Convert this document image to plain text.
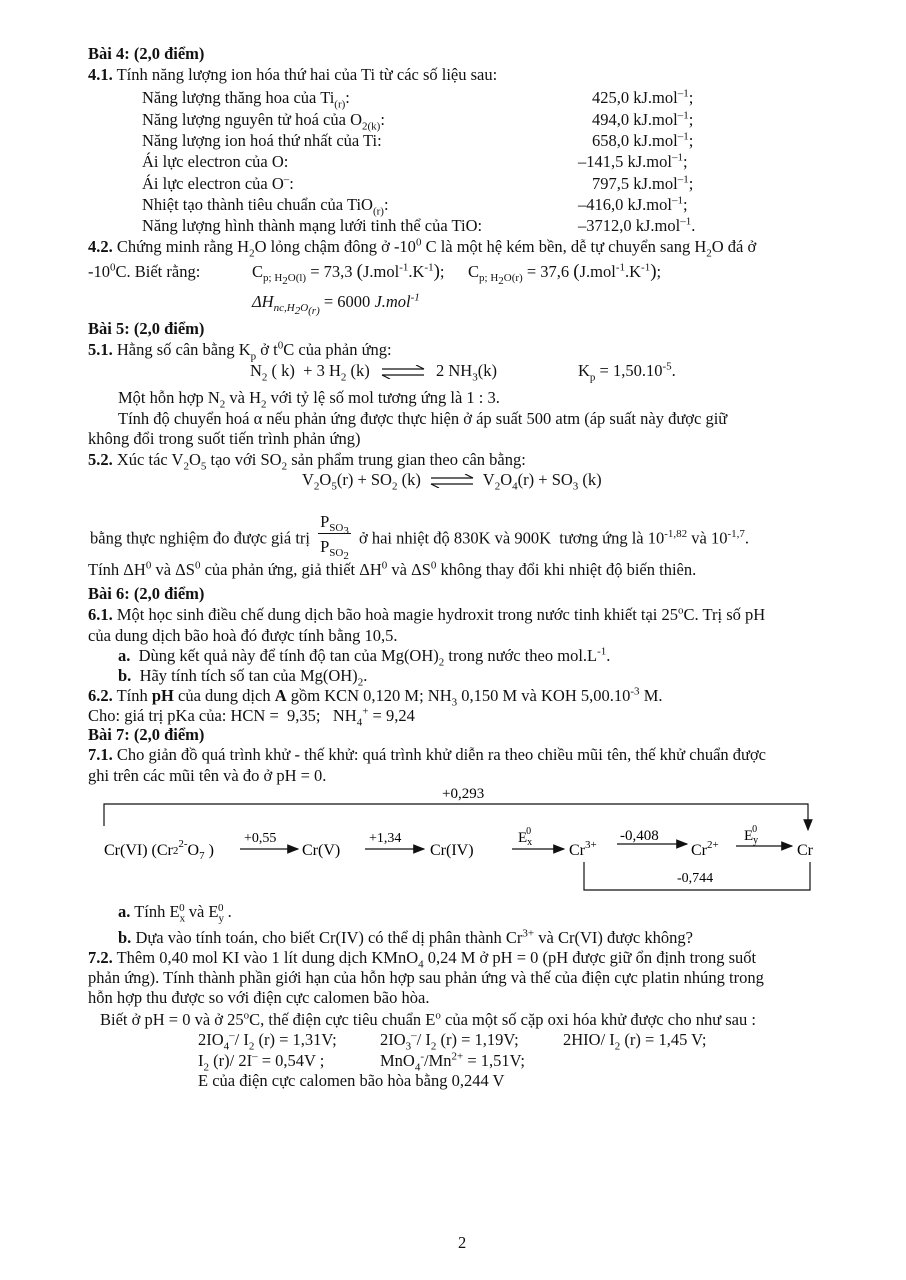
Bài 4: (2,0 điểm)
4.1. Tính năng lượng ion hóa thứ hai của Ti từ các số liệu sau:
Năng lượng thăng hoa của $Ti_{(r)}$:	425,0 kJ.mol$^{-1}$;
Năng lượng nguyên tử hoá của $O_{2(k)}$:	494,0 kJ.mol$^{-1}$;
Năng lượng ion hoá thứ nhất của Ti:	658,0 kJ.mol$^{-1}$;
Ái lực electron của O:	–141,5 kJ.mol$^{-1}$;
Ái lực electron của O–:	797,5 kJ.mol$^{-1}$;
Nhiệt tạo thành tiêu chuẩn của TiO$_{(r)}$:	–416,0 kJ.mol$^{-1}$;
Năng lượng hình thành mạng lưới tinh thể của TiO:	–3712,0 kJ.mol$^{-1}$.
4.2. Chứng minh rằng $H_2O$ lỏng chậm đông ở $-10^0$ C là một hệ kém bền, dễ tự chuyển sang $H_2O$ đá ở
$-10^0C$. Biết rằng:	$C_{p; H_2O(l)} = 73,3$ $(J.mol^{-1}.K^{-1})$; $C_{p; H_2O(r)} = 37,6$ $(J.mol^{-1}.K^{-1})$;
$\Delta H_{nc,H_2O_{(r)}} = 6000$ J.mol$^{-1}$
Bài 5: (2,0 điểm)
5.1. Hằng số cân bằng $K_p$ ở $t^0C$ của phản ứng:
$N_2$ ( k)  + 3 $H_2$ (k) ⇌ 2 $NH_3(k)$	$K_p = 1,50.10^{-5}$.
Một hỗn hợp $N_2$ và $H_2$ với tỷ lệ số mol tương ứng là 1 : 3.
Tính độ chuyển hoá α nếu phản ứng được thực hiện ở áp suất 500 atm (áp suất này được giữ
không đổi trong suốt tiến trình phản ứng)
5.2. Xúc tác $V_2O_5$ tạo với $SO_2$ sản phẩm trung gian theo cân bằng:
$V_2O_5(r) + SO_2$ (k) ⇌ $V_2O_4(r) + SO_3$ (k)
bằng thực nghiệm đo được giá trị $\frac{P_{SO_3}}{P_{SO_2}}$ ở hai nhiệt độ 830K và 900K  tương ứng là $10^{-1,82}$ và $10^{-1,7}$.
Tính $\Delta H^0$ và $\Delta S^0$ của phản ứng, giả thiết $\Delta H^0$ và $\Delta S^0$ không thay đổi khi nhiệt độ biến thiên.
Bài 6: (2,0 điểm)
6.1. Một học sinh điều chế dung dịch bão hoà magie hydroxit trong nước tinh khiết tại 25$^o$C. Trị số pH
của dung dịch bão hoà đó được tính bằng 10,5.
a.  Dùng kết quả này để tính độ tan của $Mg(OH)_2$ trong nước theo $mol.L^{-1}$.
b.  Hãy tính tích số tan của $Mg(OH)_2$.
6.2. Tính pH của dung dịch A gồm KCN 0,120 M; $NH_3$ 0,150 M và KOH $5,00.10^{-3}$ M.
Cho: giá trị pKa của: HCN =  9,35;   $NH_4^+ = 9,24$
Bài 7: (2,0 điểm)
7.1. Cho giản đồ quá trình khử - thế khử: quá trình khử diễn ra theo chiều mũi tên, thế khử chuẩn được
ghi trên các mũi tên và đo ở pH = 0.
+0,293
Cr(VI) ($Cr2^{2-}O_7$ )	Cr(V)	Cr(IV)	$Cr^{3+}$	$Cr^{2+}$	Cr
+0,55	+1,34	$E_x0$	-0,408	$E_y0$
-0,744
a. Tính $E_x^0$ và $E_y^0$ .
b. Dựa vào tính toán, cho biết Cr(IV) có thể dị phân thành $Cr^{3+}$ và Cr(VI) được không?
7.2. Thêm 0,40 mol KI vào 1 lít dung dịch KMnO$_4$ 0,24 M ở pH = 0 (pH được giữ ổn định trong suốt
phản ứng). Tính thành phần giới hạn của hỗn hợp sau phản ứng và thế của điện cực platin nhúng trong
hỗn hợp thu được so với điện cực calomen bão hòa.
Biết ở pH = 0 và ở 25$^o$C, thế điện cực tiêu chuẩn $E^o$ của một số cặp oxi hóa khử được cho như sau :
$2IO_4^-/$ $I_2$ (r) = 1,31V;	$2IO_3^-/$ $I_2$ (r) = 1,19V;	2HIO/ $I_2$ (r) = 1,45 V;
$I_2$ (r)/ 2I– = 0,54V ;	$MnO_4^-/Mn^{2+} = 1,51V$;
E của điện cực calomen bão hòa bằng 0,244 V
2
